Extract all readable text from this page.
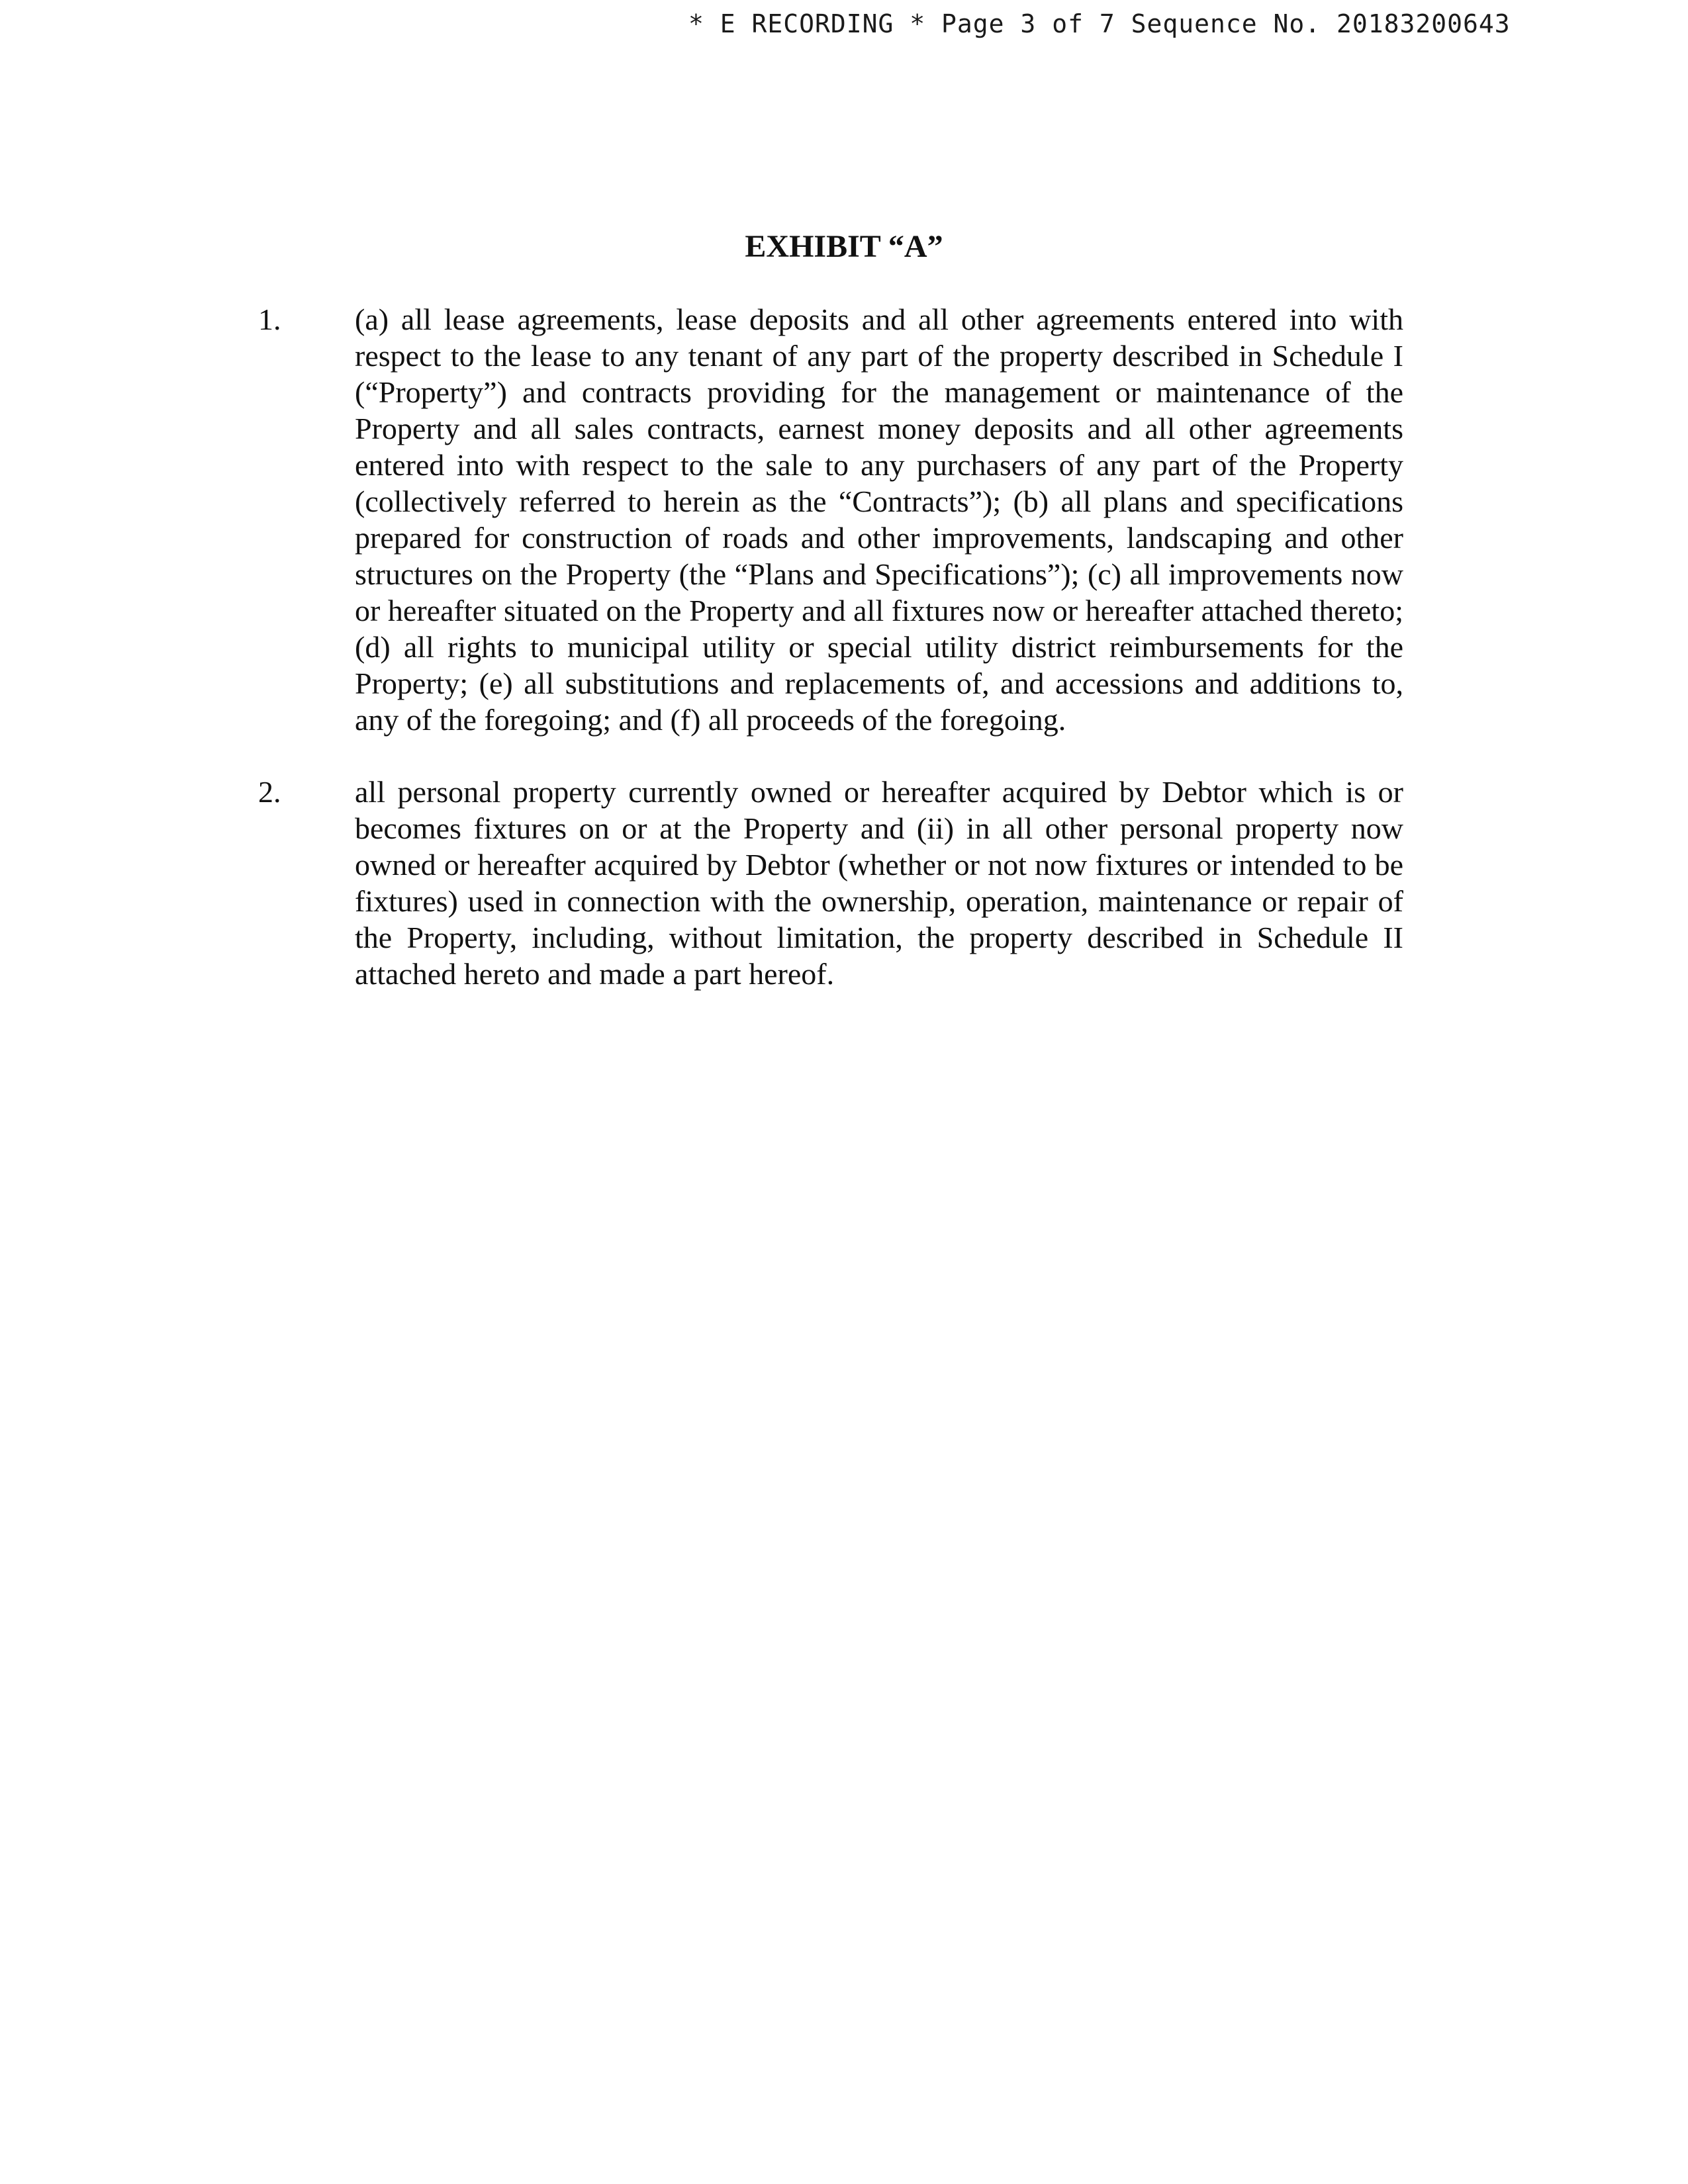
* E RECORDING * Page 3 of 7 Sequence No. 20183200643
EXHIBIT “A”
1. (a) all lease agreements, lease deposits and all other agreements entered into with respect to the lease to any tenant of any part of the property described in Schedule I (“Property”) and contracts providing for the management or maintenance of the Property and all sales contracts, earnest money deposits and all other agreements entered into with respect to the sale to any purchasers of any part of the Property (collectively referred to herein as the “Contracts”); (b) all plans and specifications prepared for construction of roads and other improvements, landscaping and other structures on the Property (the “Plans and Specifications”); (c) all improvements now or hereafter situated on the Property and all fixtures now or hereafter attached thereto; (d) all rights to municipal utility or special utility district reimbursements for the Property; (e) all substitutions and replacements of, and accessions and additions to, any of the foregoing; and (f) all proceeds of the foregoing.
2. all personal property currently owned or hereafter acquired by Debtor which is or becomes fixtures on or at the Property and (ii) in all other personal property now owned or hereafter acquired by Debtor (whether or not now fixtures or intended to be fixtures) used in connection with the ownership, operation, maintenance or repair of the Property, including, without limitation, the property described in Schedule II attached hereto and made a part hereof.
